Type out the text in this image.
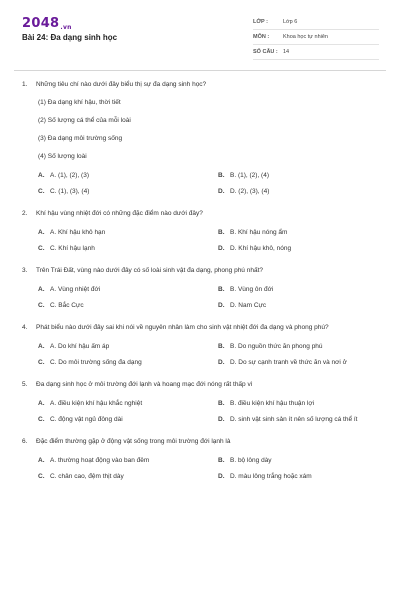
2048.vn
Bài 24: Đa dạng sinh học
LỚP :	Lớp 6
MÔN :	Khoa học tự nhiên
SỐ CÂU : 14
1.	Những tiêu chí nào dưới đây biểu thị sự đa dạng sinh học?
(1) Đa dạng khí hậu, thời tiết
(2) Số lượng cá thể của mỗi loài
(3) Đa dạng môi trường sống
(4) Số lượng loài
A. A. (1), (2), (3)	B. B. (1), (2), (4)
C. C. (1), (3), (4)	D. D. (2), (3), (4)
2.	Khí hậu vùng nhiệt đới có những đặc điểm nào dưới đây?
A. A. Khí hậu khô hạn	B. B. Khí hậu nóng ẩm
C. C. Khí hậu lạnh	D. D. Khí hậu khô, nóng
3.	Trên Trái Đất, vùng nào dưới đây có số loài sinh vật đa dạng, phong phú nhất?
A. A. Vùng nhiệt đới	B. B. Vùng ôn đới
C. C. Bắc Cực	D. D. Nam Cực
4.	Phát biểu nào dưới đây sai khi nói về nguyên nhân làm cho sinh vật nhiệt đới đa dạng và phong phú?
A. A. Do khí hậu ấm áp	B. B. Do nguồn thức ăn phong phú
C. C. Do môi trường sống đa dạng	D. D. Do sự cạnh tranh về thức ăn và nơi ở
5.	Đa dạng sinh học ở môi trường đới lạnh và hoang mạc đới nóng rất thấp vì
A. A. điều kiện khí hậu khắc nghiệt	B. B. điều kiện khí hậu thuận lợi
C. C. động vật ngủ đông dài	D. D. sinh vật sinh sản ít nên số lượng cá thể ít
6.	Đặc điểm thường gặp ở động vật sống trong môi trường đới lạnh là
A. A. thường hoạt động vào ban đêm	B. B. bộ lông dày
C. C. chân cao, đệm thịt dày	D. D. màu lông trắng hoặc xám
